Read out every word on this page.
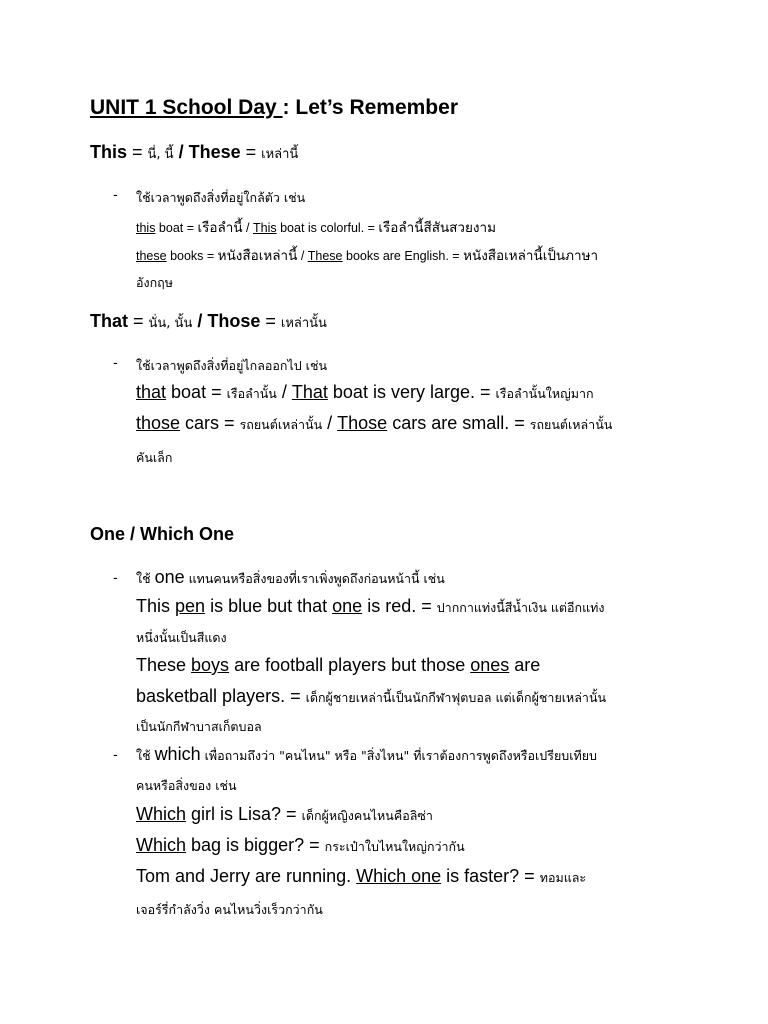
UNIT 1 School Day : Let’s Remember
This = นี่, นี้ / These = เหล่านี้
- ใช้เวลาพูดถึงสิ่งที่อยู่ใกล้ตัว เช่น
this boat = เรือลำนี้ / This boat is colorful. = เรือลำนี้สีสันสวยงาม
these books = หนังสือเหล่านี้ / These books are English. = หนังสือเหล่านี้เป็นภาษา
อังกฤษ
That = นั่น, นั้น / Those = เหล่านั้น
- ใช้เวลาพูดถึงสิ่งที่อยู่ไกลออกไป เช่น
that boat = เรือลำนั้น / That boat is very large. = เรือลำนั้นใหญ่มาก
those cars = รถยนต์เหล่านั้น / Those cars are small. = รถยนต์เหล่านั้น
คันเล็ก
One / Which One
- ใช้ one แทนคนหรือสิ่งของที่เราเพิ่งพูดถึงก่อนหน้านี้ เช่น
This pen is blue but that one is red. = ปากกาแท่งนี้สีน้ำเงิน แต่อีกแท่ง
หนึ่งนั้นเป็นสีแดง
These boys are football players but those ones are
basketball players. = เด็กผู้ชายเหล่านี้เป็นนักกีฬาฟุตบอล แต่เด็กผู้ชายเหล่านั้น
เป็นนักกีฬาบาสเก็ตบอล
- ใช้ which เพื่อถามถึงว่า "คนไหน" หรือ "สิ่งไหน" ที่เราต้องการพูดถึงหรือเปรียบเทียบ
คนหรือสิ่งของ เช่น
Which girl is Lisa? = เด็กผู้หญิงคนไหนคือลิซ่า
Which bag is bigger? = กระเป๋าใบไหนใหญ่กว่ากัน
Tom and Jerry are running. Which one is faster? = ทอมและ
เจอร์รี่กำลังวิ่ง คนไหนวิ่งเร็วกว่ากัน
